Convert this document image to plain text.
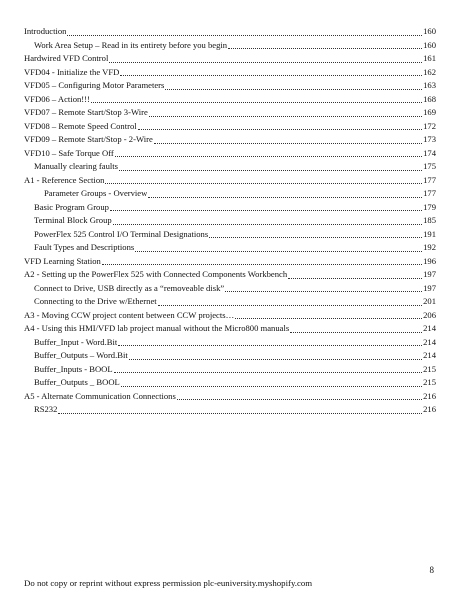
Introduction	160
Work Area Setup – Read in its entirety before you begin	160
Hardwired VFD Control	161
VFD04 - Initialize the VFD	162
VFD05 – Configuring Motor Parameters	163
VFD06 – Action!!!	168
VFD07 – Remote Start/Stop 3-Wire	169
VFD08 – Remote Speed Control	172
VFD09 – Remote Start/Stop - 2-Wire	173
VFD10 – Safe Torque Off	174
Manually clearing faults	175
A1 - Reference Section	177
Parameter Groups - Overview	177
Basic Program Group	179
Terminal Block Group	185
PowerFlex 525 Control I/O Terminal Designations	191
Fault Types and Descriptions	192
VFD Learning Station	196
A2 - Setting up the PowerFlex 525 with Connected Components Workbench	197
Connect to Drive, USB directly as a “removeable disk”	197
Connecting to the Drive w/Ethernet	201
A3 - Moving CCW project content between CCW projects…	206
A4 - Using this HMI/VFD lab project manual without the Micro800 manuals	214
Buffer_Input - Word.Bit	214
Buffer_Outputs – Word.Bit	214
Buffer_Inputs - BOOL	215
Buffer_Outputs _ BOOL	215
A5 - Alternate Communication Connections	216
RS232	216
8
Do not copy or reprint without express permission plc-euniversity.myshopify.com
